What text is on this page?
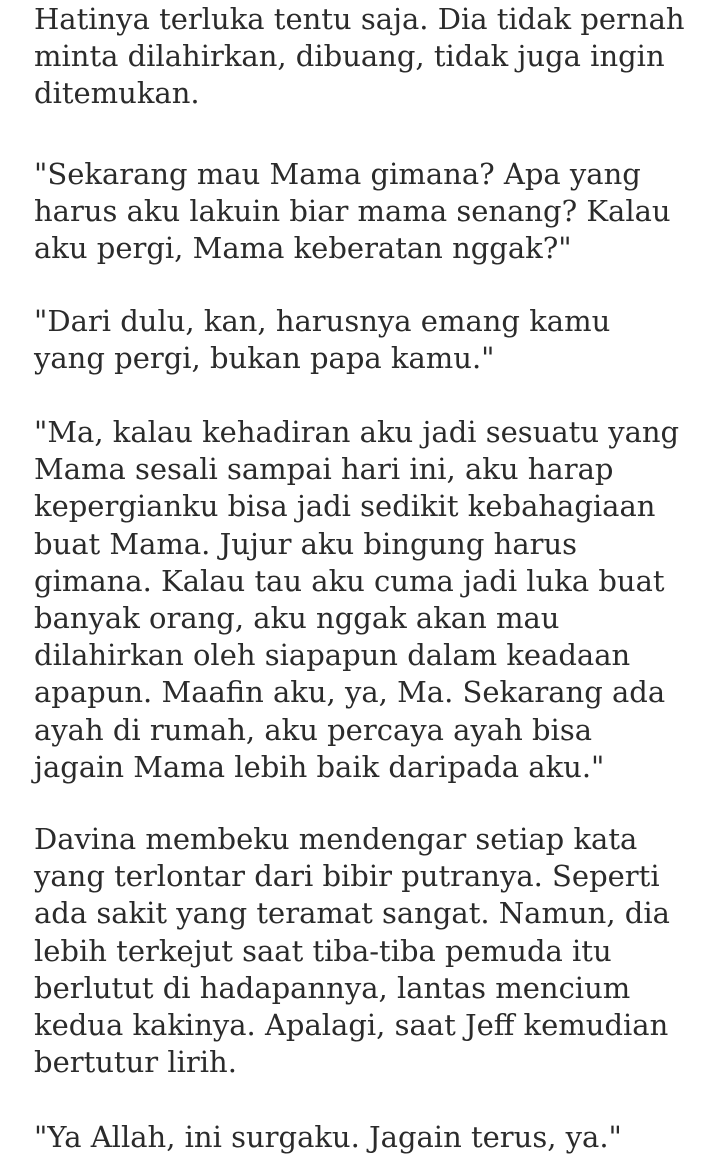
Hatinya terluka tentu saja. Dia tidak pernah
minta dilahirkan, dibuang, tidak juga ingin
ditemukan.

"Sekarang mau Mama gimana? Apa yang
harus aku lakuin biar mama senang? Kalau
aku pergi, Mama keberatan nggak?"

"Dari dulu, kan, harusnya emang kamu
yang pergi, bukan papa kamu."

"Ma, kalau kehadiran aku jadi sesuatu yang
Mama sesali sampai hari ini, aku harap
kepergianku bisa jadi sedikit kebahagiaan
buat Mama. Jujur aku bingung harus
gimana. Kalau tau aku cuma jadi luka buat
banyak orang, aku nggak akan mau
dilahirkan oleh siapapun dalam keadaan
apapun. Maafin aku, ya, Ma. Sekarang ada
ayah di rumah, aku percaya ayah bisa
jagain Mama lebih baik daripada aku."

Davina membeku mendengar setiap kata
yang terlontar dari bibir putranya. Seperti
ada sakit yang teramat sangat. Namun, dia
lebih terkejut saat tiba-tiba pemuda itu
berlutut di hadapannya, lantas mencium
kedua kakinya. Apalagi, saat Jeff kemudian
bertutur lirih.

"Ya Allah, ini surgaku. Jagain terus, ya."
